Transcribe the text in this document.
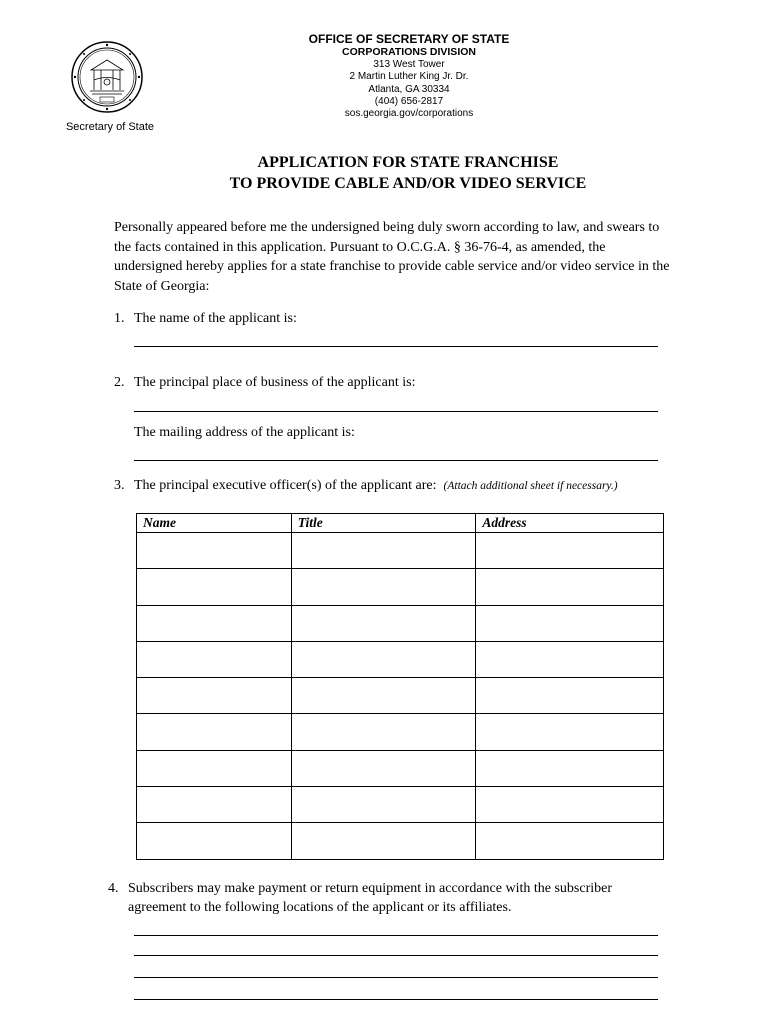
Secretary of State
OFFICE OF SECRETARY OF STATE
CORPORATIONS DIVISION
313 West Tower
2 Martin Luther King Jr. Dr.
Atlanta, GA 30334
(404) 656-2817
sos.georgia.gov/corporations
APPLICATION FOR STATE FRANCHISE
TO PROVIDE CABLE AND/OR VIDEO SERVICE
Personally appeared before me the undersigned being duly sworn according to law, and swears to the facts contained in this application. Pursuant to O.C.G.A. § 36-76-4, as amended, the undersigned hereby applies for a state franchise to provide cable service and/or video service in the State of Georgia:
1. The name of the applicant is:
2. The principal place of business of the applicant is:
The mailing address of the applicant is:
3. The principal executive officer(s) of the applicant are: (Attach additional sheet if necessary.)
Name	Title	Address

4. Subscribers may make payment or return equipment in accordance with the subscriber
agreement to the following locations of the applicant or its affiliates.
